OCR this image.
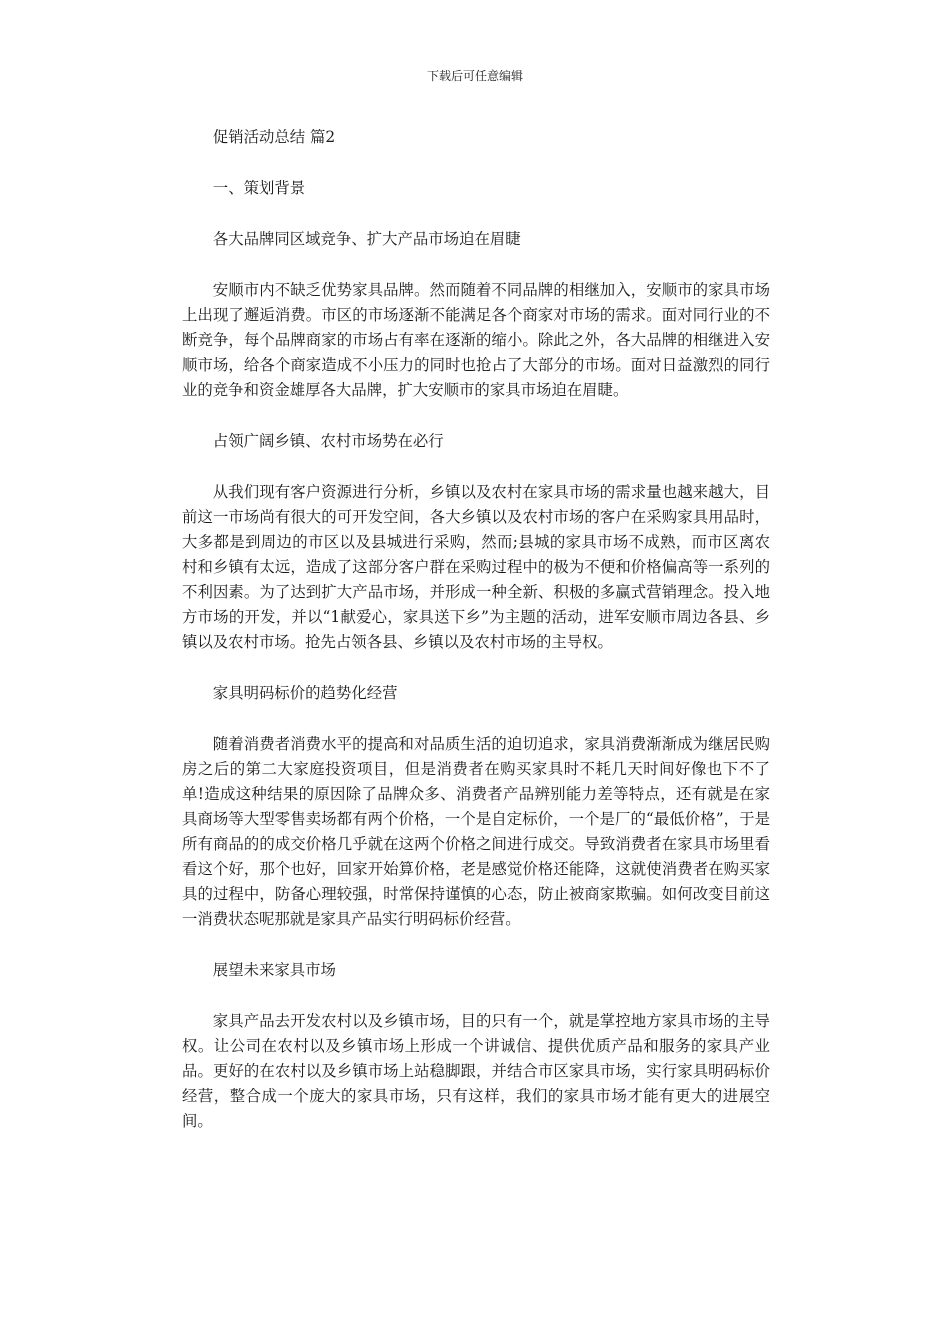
下载后可任意编辑

促销活动总结 篇2

一、策划背景

各大品牌同区域竞争、扩大产品市场迫在眉睫

安顺市内不缺乏优势家具品牌。然而随着不同品牌的相继加入，安顺市的家具市场上出现了邂逅消费。市区的市场逐渐不能满足各个商家对市场的需求。面对同行业的不断竞争，每个品牌商家的市场占有率在逐渐的缩小。除此之外，各大品牌的相继进入安顺市场，给各个商家造成不小压力的同时也抢占了大部分的市场。面对日益激烈的同行业的竞争和资金雄厚各大品牌，扩大安顺市的家具市场迫在眉睫。

占领广阔乡镇、农村市场势在必行

从我们现有客户资源进行分析，乡镇以及农村在家具市场的需求量也越来越大，目前这一市场尚有很大的可开发空间，各大乡镇以及农村市场的客户在采购家具用品时，大多都是到周边的市区以及县城进行采购，然而;县城的家具市场不成熟，而市区离农村和乡镇有太远，造成了这部分客户群在采购过程中的极为不便和价格偏高等一系列的不利因素。为了达到扩大产品市场，并形成一种全新、积极的多赢式营销理念。投入地方市场的开发，并以“1献爱心，家具送下乡”为主题的活动，进军安顺市周边各县、乡镇以及农村市场。抢先占领各县、乡镇以及农村市场的主导权。

家具明码标价的趋势化经营

随着消费者消费水平的提高和对品质生活的迫切追求，家具消费渐渐成为继居民购房之后的第二大家庭投资项目，但是消费者在购买家具时不耗几天时间好像也下不了单!造成这种结果的原因除了品牌众多、消费者产品辨别能力差等特点，还有就是在家具商场等大型零售卖场都有两个价格，一个是自定标价，一个是厂的“最低价格”，于是所有商品的的成交价格几乎就在这两个价格之间进行成交。导致消费者在家具市场里看看这个好，那个也好，回家开始算价格，老是感觉价格还能降，这就使消费者在购买家具的过程中，防备心理较强，时常保持谨慎的心态，防止被商家欺骗。如何改变目前这一消费状态呢那就是家具产品实行明码标价经营。

展望未来家具市场

家具产品去开发农村以及乡镇市场，目的只有一个，就是掌控地方家具市场的主导权。让公司在农村以及乡镇市场上形成一个讲诚信、提供优质产品和服务的家具产业品。更好的在农村以及乡镇市场上站稳脚跟，并结合市区家具市场，实行家具明码标价经营，整合成一个庞大的家具市场，只有这样，我们的家具市场才能有更大的进展空间。
